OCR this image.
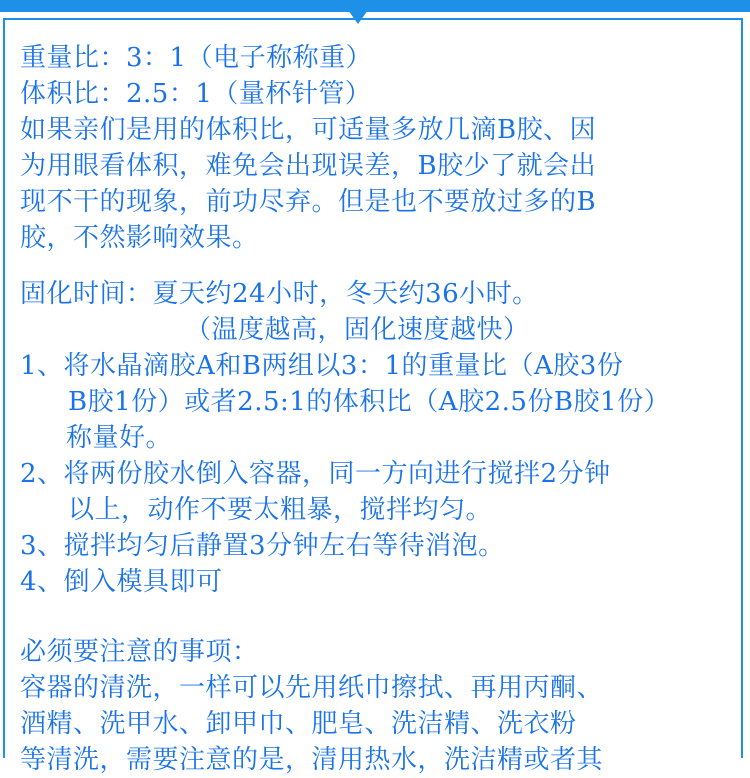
重量比：3：1（电子称称重）
体积比：2.5：1（量杯针管）
如果亲们是用的体积比，可适量多放几滴B胶、因
为用眼看体积，难免会出现误差，B胶少了就会出
现不干的现象，前功尽弃。但是也不要放过多的B
胶，不然影响效果。
固化时间：夏天约24小时，冬天约36小时。
（温度越高，固化速度越快）
1、将水晶滴胶A和B两组以3：1的重量比（A胶3份
B胶1份）或者2.5:1的体积比（A胶2.5份B胶1份）
称量好。
2、将两份胶水倒入容器，同一方向进行搅拌2分钟
以上，动作不要太粗暴，搅拌均匀。
3、搅拌均匀后静置3分钟左右等待消泡。
4、倒入模具即可
必须要注意的事项：
容器的清洗，一样可以先用纸巾擦拭、再用丙酮、
酒精、洗甲水、卸甲巾、肥皂、洗洁精、洗衣粉
等清洗，需要注意的是，清用热水，洗洁精或者其
